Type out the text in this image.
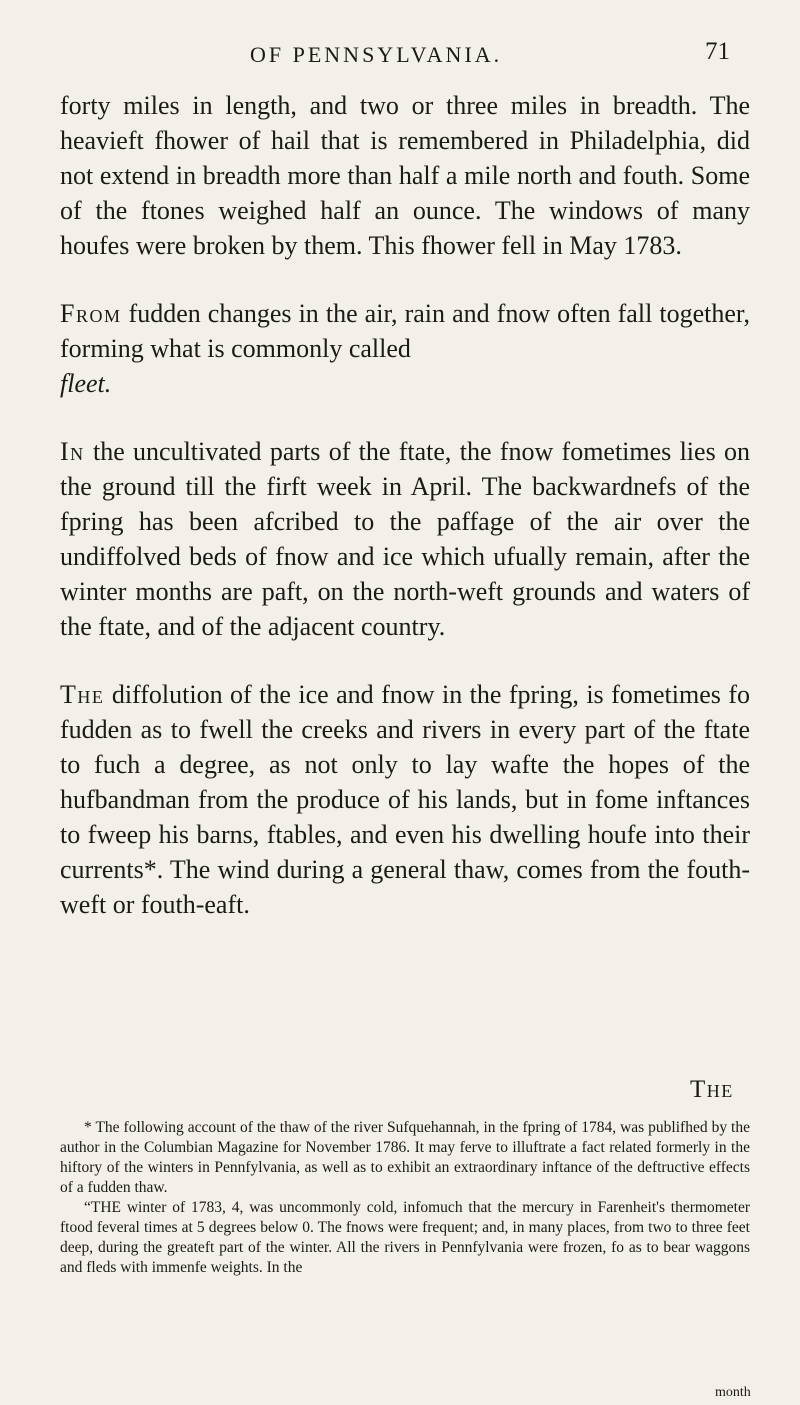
OF PENNSYLVANIA.	71

forty miles in length, and two or three miles in breadth. The heavieft fhower of hail that is remembered in Philadelphia, did not extend in breadth more than half a mile north and fouth. Some of the ftones weighed half an ounce. The windows of many houfes were broken by them. This fhower fell in May 1783.

From fudden changes in the air, rain and fnow often fall together, forming what is commonly called
fleet.

In the uncultivated parts of the ftate, the fnow fometimes lies on the ground till the firft week in April. The backwardnefs of the fpring has been afcribed to the paffage of the air over the undiffolved beds of fnow and ice which ufually remain, after the winter months are paft, on the north-weft grounds and waters of the ftate, and of the adjacent country.

The diffolution of the ice and fnow in the fpring, is fometimes fo fudden as to fwell the creeks and rivers in every part of the ftate to fuch a degree, as not only to lay wafte the hopes of the hufbandman from the produce of his lands, but in fome inftances to fweep his barns, ftables, and even his dwelling houfe into their currents*. The wind during a general thaw, comes from the fouth-weft or fouth-eaft.

The

* The following account of the thaw of the river Sufquehannah, in the fpring of 1784, was publifhed by the author in the Columbian Magazine for November 1786. It may ferve to illuftrate a fact related formerly in the hiftory of the winters in Pennfylvania, as well as to exhibit an extraordinary inftance of the deftructive effects of a fudden thaw.

“THE winter of 1783, 4, was uncommonly cold, infomuch that the mercury in Farenheit's thermometer ftood feveral times at 5 degrees below 0. The fnows were frequent; and, in many places, from two to three feet deep, during the greateft part of the winter. All the rivers in Pennfylvania were frozen, fo as to bear waggons and fleds with immenfe weights. In the

month
